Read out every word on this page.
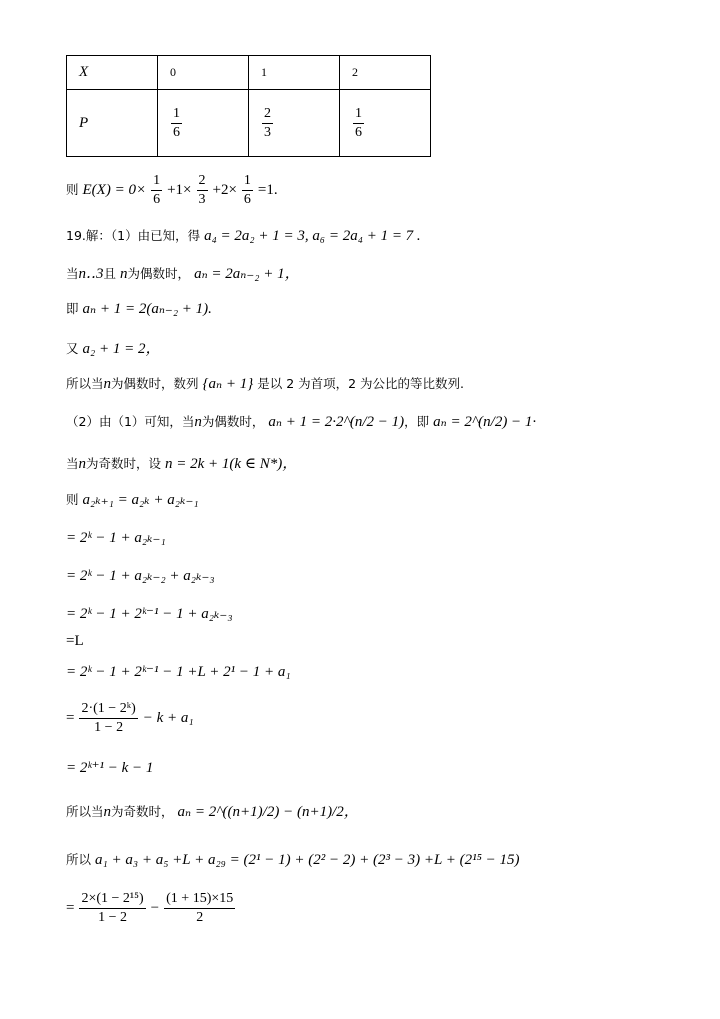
X	0	1	2
P	$\frac{1}{6}$	$\frac{2}{3}$	$\frac{1}{6}$
则 $E(X) = 0\times \frac{1}{6} +1\times \frac{2}{3} +2\times \frac{1}{6} =1$.
19.解：（1）由已知，得 a₄ = 2a₂ + 1 = 3, a₆ = 2a₄ + 1 = 7 .
当n‥3且 n为偶数时， aₙ = 2aₙ₋₂ + 1，
即 aₙ + 1 = 2(aₙ₋₂ + 1).
又 a₂ + 1 = 2，
所以当n为偶数时，数列 {aₙ + 1} 是以 2 为首项，2 为公比的等比数列.
（2）由（1）可知，当n为偶数时， aₙ + 1 = 2·2^(n/2 − 1)，即 aₙ = 2^(n/2) − 1·
当n为奇数时，设 n = 2k + 1(k ∈ N*)，
则 a₂ₖ₊₁ = a₂ₖ + a₂ₖ₋₁
= 2ᵏ − 1 + a₂ₖ₋₁
= 2ᵏ − 1 + a₂ₖ₋₂ + a₂ₖ₋₃
= 2ᵏ − 1 + 2ᵏ⁻¹ − 1 + a₂ₖ₋₃
=L
= 2ᵏ − 1 + 2ᵏ⁻¹ − 1 +L + 2¹ − 1 + a₁
= $\frac{\text{2·(1 − 2ᵏ)}}{1 - 2} - k + a_1$
= 2ᵏ⁺¹ − k − 1
所以当n为奇数时， aₙ = 2^((n+1)/2) − (n+1)/2，
所以 a₁ + a₃ + a₅ +L + a₂₉ = (2¹ − 1) + (2² − 2) + (2³ − 3) +L + (2¹⁵ − 15)
= $\frac{\text{2×(1 − 2¹⁵)}}{1 - 2} - \frac{(1 + 15)\times 15}{2}$
